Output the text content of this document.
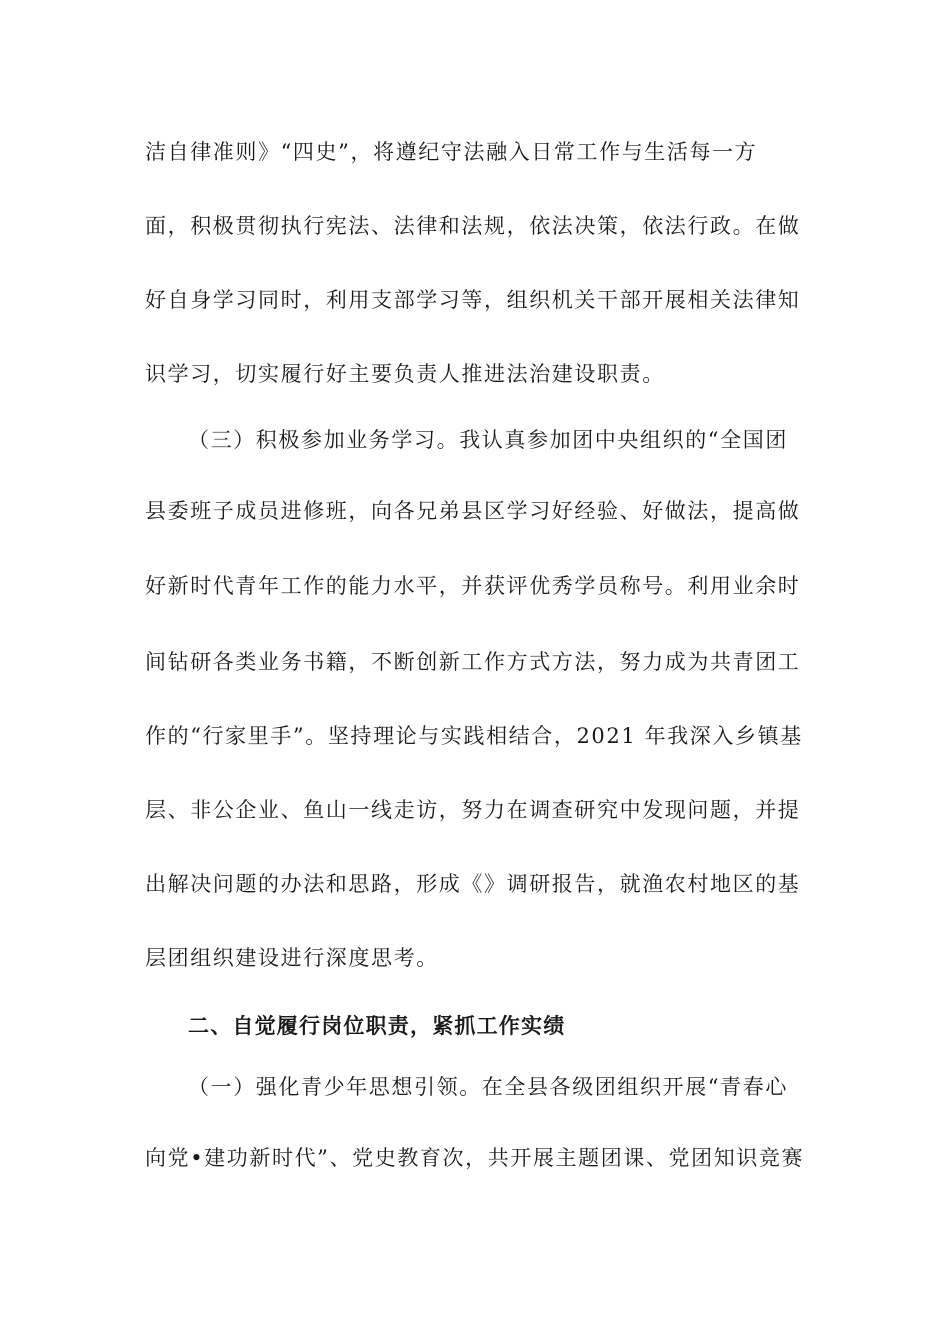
洁自律准则》“四史”，将遵纪守法融入日常工作与生活每一方
面，积极贯彻执行宪法、法律和法规，依法决策，依法行政。在做
好自身学习同时，利用支部学习等，组织机关干部开展相关法律知
识学习，切实履行好主要负责人推进法治建设职责。
（三）积极参加业务学习。我认真参加团中央组织的“全国团
县委班子成员进修班，向各兄弟县区学习好经验、好做法，提高做
好新时代青年工作的能力水平，并获评优秀学员称号。利用业余时
间钻研各类业务书籍，不断创新工作方式方法，努力成为共青团工
作的“行家里手”。坚持理论与实践相结合，2021 年我深入乡镇基
层、非公企业、鱼山一线走访，努力在调查研究中发现问题，并提
出解决问题的办法和思路，形成《》调研报告，就渔农村地区的基
层团组织建设进行深度思考。
二、自觉履行岗位职责，紧抓工作实绩
（一）强化青少年思想引领。在全县各级团组织开展“青春心
向党•建功新时代”、党史教育次，共开展主题团课、党团知识竞赛
